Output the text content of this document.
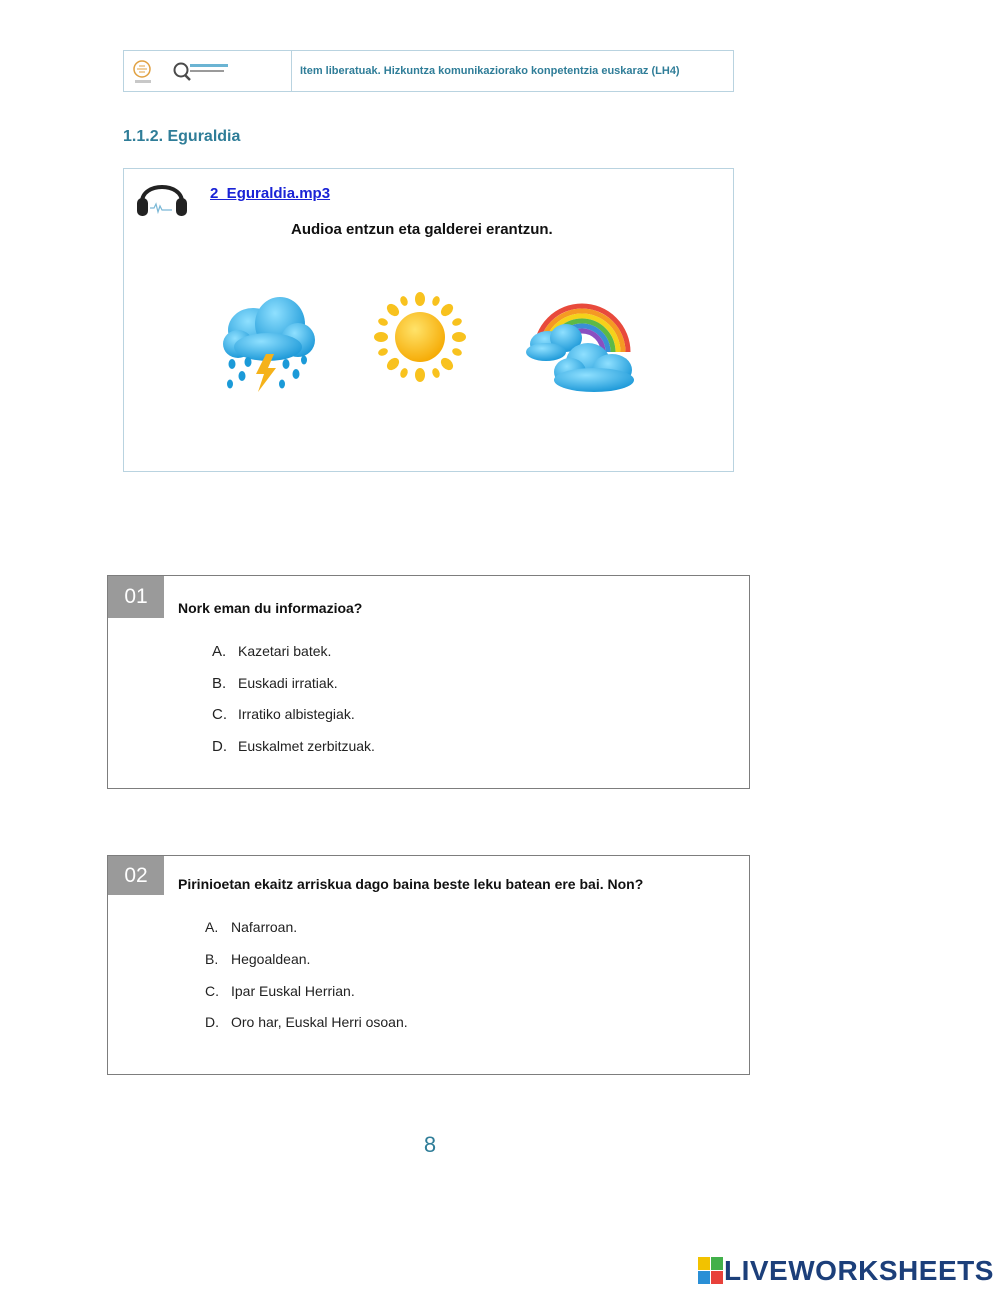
Item liberatuak. Hizkuntza komunikaziorako konpetentzia euskaraz (LH4)
1.1.2. Eguraldia
2_Eguraldia.mp3
Audioa entzun eta galderei erantzun.
01	Nork eman du informazioa?
A. Kazetari batek.
B. Euskadi irratiak.
C. Irratiko albistegiak.
D. Euskalmet zerbitzuak.
02	Pirinioetan ekaitz arriskua dago baina beste leku batean ere bai. Non?
A. Nafarroan.
B. Hegoaldean.
C. Ipar Euskal Herrian.
D. Oro har, Euskal Herri osoan.
8
LIVEWORKSHEETS
